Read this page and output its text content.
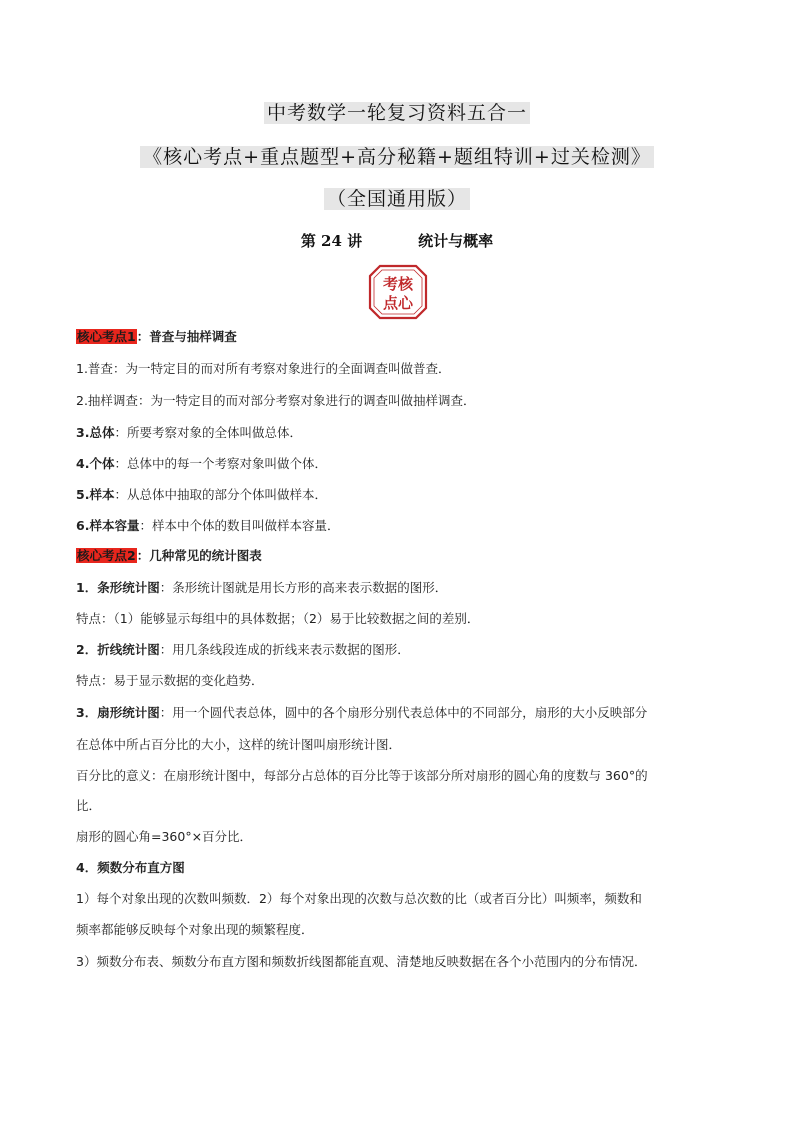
中考数学一轮复习资料五合一
《核心考点+重点题型+高分秘籍+题组特训+过关检测》
（全国通用版）
第 24 讲	统计与概率
考核
点心
核心考点1：普查与抽样调查
1.普查：为一特定目的而对所有考察对象进行的全面调查叫做普查．
2.抽样调查：为一特定目的而对部分考察对象进行的调查叫做抽样调查．
3.总体：所要考察对象的全体叫做总体．
4.个体：总体中的每一个考察对象叫做个体．
5.样本：从总体中抽取的部分个体叫做样本．
6.样本容量：样本中个体的数目叫做样本容量．
核心考点2：几种常见的统计图表
1．条形统计图：条形统计图就是用长方形的高来表示数据的图形．
特点：（1）能够显示每组中的具体数据；（2）易于比较数据之间的差别．
2．折线统计图：用几条线段连成的折线来表示数据的图形．
特点：易于显示数据的变化趋势．
3．扇形统计图：用一个圆代表总体，圆中的各个扇形分别代表总体中的不同部分，扇形的大小反映部分
在总体中所占百分比的大小，这样的统计图叫扇形统计图．
百分比的意义：在扇形统计图中，每部分占总体的百分比等于该部分所对扇形的圆心角的度数与 360°的
比．
扇形的圆心角=360°×百分比．
4．频数分布直方图
1）每个对象出现的次数叫频数．2）每个对象出现的次数与总次数的比（或者百分比）叫频率，频数和
频率都能够反映每个对象出现的频繁程度．
3）频数分布表、频数分布直方图和频数折线图都能直观、清楚地反映数据在各个小范围内的分布情况．
